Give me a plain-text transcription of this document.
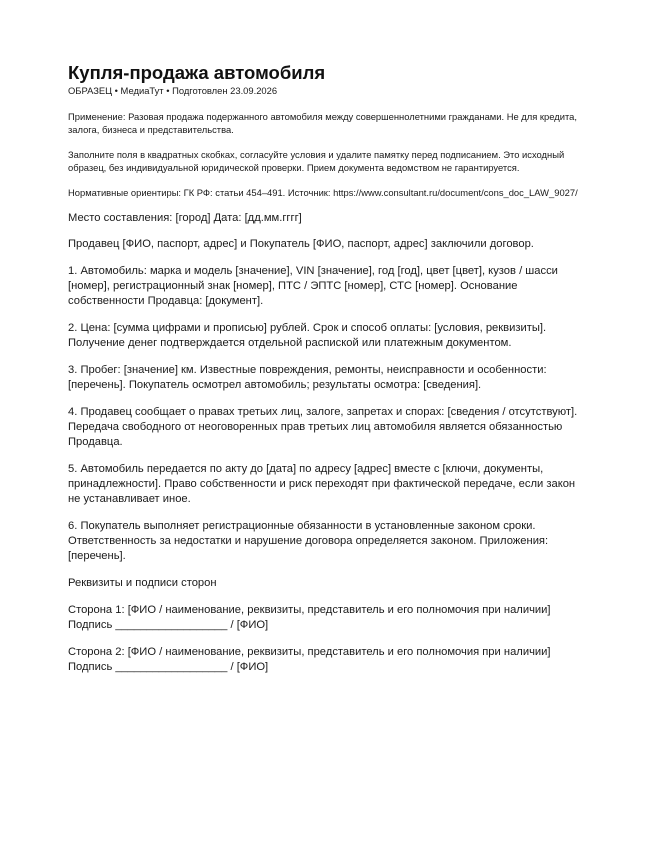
Купля-продажа автомобиля

ОБРАЗЕЦ • МедиаТут • Подготовлен 23.09.2026

Применение: Разовая продажа подержанного автомобиля между совершеннолетними гражданами. Не для кредита, залога, бизнеса и представительства.

Заполните поля в квадратных скобках, согласуйте условия и удалите памятку перед подписанием. Это исходный образец, без индивидуальной юридической проверки. Прием документа ведомством не гарантируется.

Нормативные ориентиры: ГК РФ: статьи 454–491. Источник: https://www.consultant.ru/document/cons_doc_LAW_9027/

Место составления: [город] Дата: [дд.мм.гггг]

Продавец [ФИО, паспорт, адрес] и Покупатель [ФИО, паспорт, адрес] заключили договор.

1. Автомобиль: марка и модель [значение], VIN [значение], год [год], цвет [цвет], кузов / шасси [номер], регистрационный знак [номер], ПТС / ЭПТС [номер], СТС [номер]. Основание собственности Продавца: [документ].

2. Цена: [сумма цифрами и прописью] рублей. Срок и способ оплаты: [условия, реквизиты]. Получение денег подтверждается отдельной распиской или платежным документом.

3. Пробег: [значение] км. Известные повреждения, ремонты, неисправности и особенности: [перечень]. Покупатель осмотрел автомобиль; результаты осмотра: [сведения].

4. Продавец сообщает о правах третьих лиц, залоге, запретах и спорах: [сведения / отсутствуют]. Передача свободного от неоговоренных прав третьих лиц автомобиля является обязанностью Продавца.

5. Автомобиль передается по акту до [дата] по адресу [адрес] вместе с [ключи, документы, принадлежности]. Право собственности и риск переходят при фактической передаче, если закон не устанавливает иное.

6. Покупатель выполняет регистрационные обязанности в установленные законом сроки. Ответственность за недостатки и нарушение договора определяется законом. Приложения: [перечень].

Реквизиты и подписи сторон

Сторона 1: [ФИО / наименование, реквизиты, представитель и его полномочия при наличии]

Подпись __________________ / [ФИО]

Сторона 2: [ФИО / наименование, реквизиты, представитель и его полномочия при наличии]

Подпись __________________ / [ФИО]
